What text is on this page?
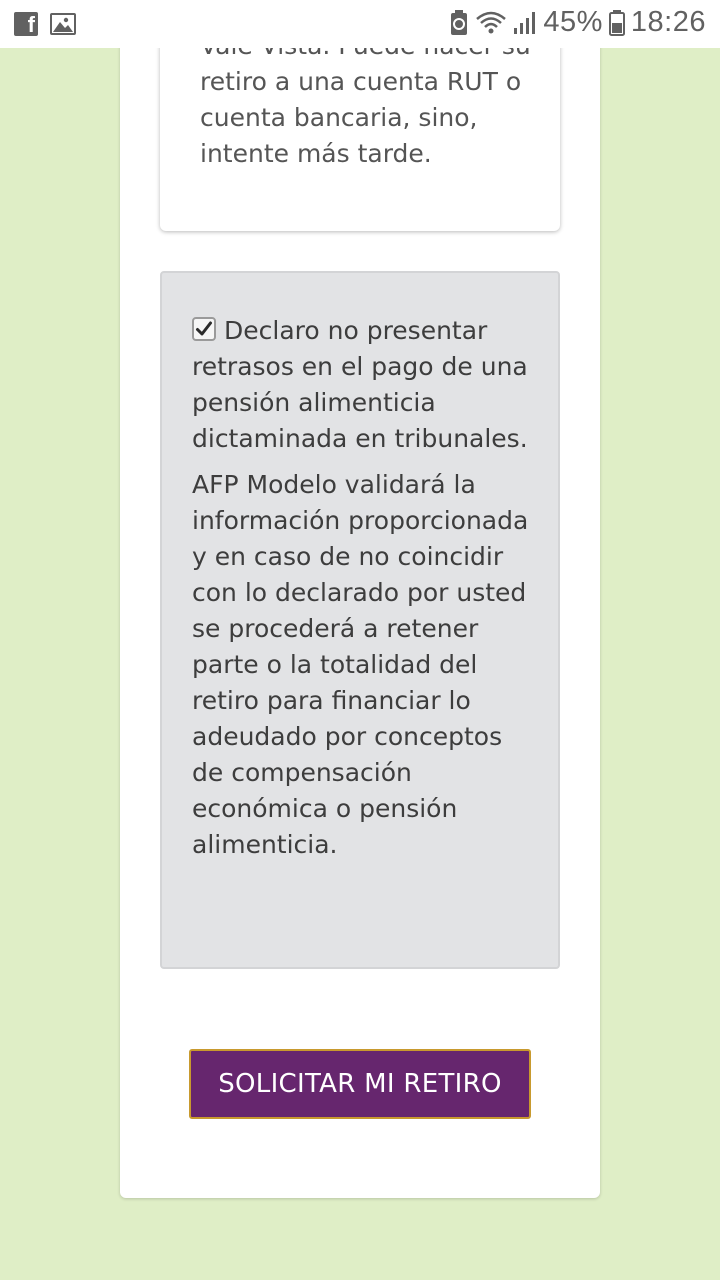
retiro a una cuenta RUT o cuenta bancaria, sino, intente más tarde.

Declaro no presentar retrasos en el pago de una pensión alimenticia dictaminada en tribunales.

AFP Modelo validará la información proporcionada y en caso de no coincidir con lo declarado por usted se procederá a retener parte o la totalidad del retiro para financiar lo adeudado por conceptos de compensación económica o pensión alimenticia.

SOLICITAR MI RETIRO
f	45% 18:26
